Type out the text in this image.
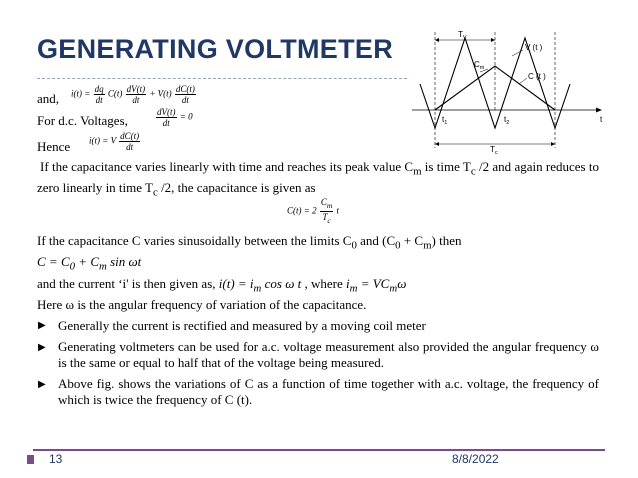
GENERATING VOLTMETER
and, $i(t) = \frac{dq}{dt} C(t) \frac{dV(t)}{dt} + V(t) \frac{dC(t)}{dt}$
For d.c. Voltages,	$\frac{dV(t)}{dt} = 0$
Hence i(t) = V $\frac{dC(t)}{dt}$
If the capacitance varies linearly with time and reaches its peak value $C_m$ is time $T_c$ /2 and again reduces to zero linearly in time $T_c$ /2, the capacitance is given as
$C(t) = 2 \frac{C_m}{T_c}$ t
If the capacitance C varies sinusoidally between the limits $C_0$ and $(C_0 + C_m)$ then
$C = C_0 + C_m$ sin ωt
and the current ‘i' is then given as, $i(t) = i_m$ cos ω t , where $i_m = VC_m\omega$
Here ω is the angular frequency of variation of the capacitance.
▶ Generally the current is rectified and measured by a moving coil meter
▶ Generating voltmeters can be used for a.c. voltage measurement also provided the angular frequency ω is the same or equal to half that of the voltage being measured.
▶ Above fig. shows the variations of C as a function of time together with a.c. voltage, the frequency of which is twice the frequency of C (t).
13	8/8/2022
$T_V$
V (t )
$C_m$
C (t )
t
$t_1$	$t_2$
$T_c$
